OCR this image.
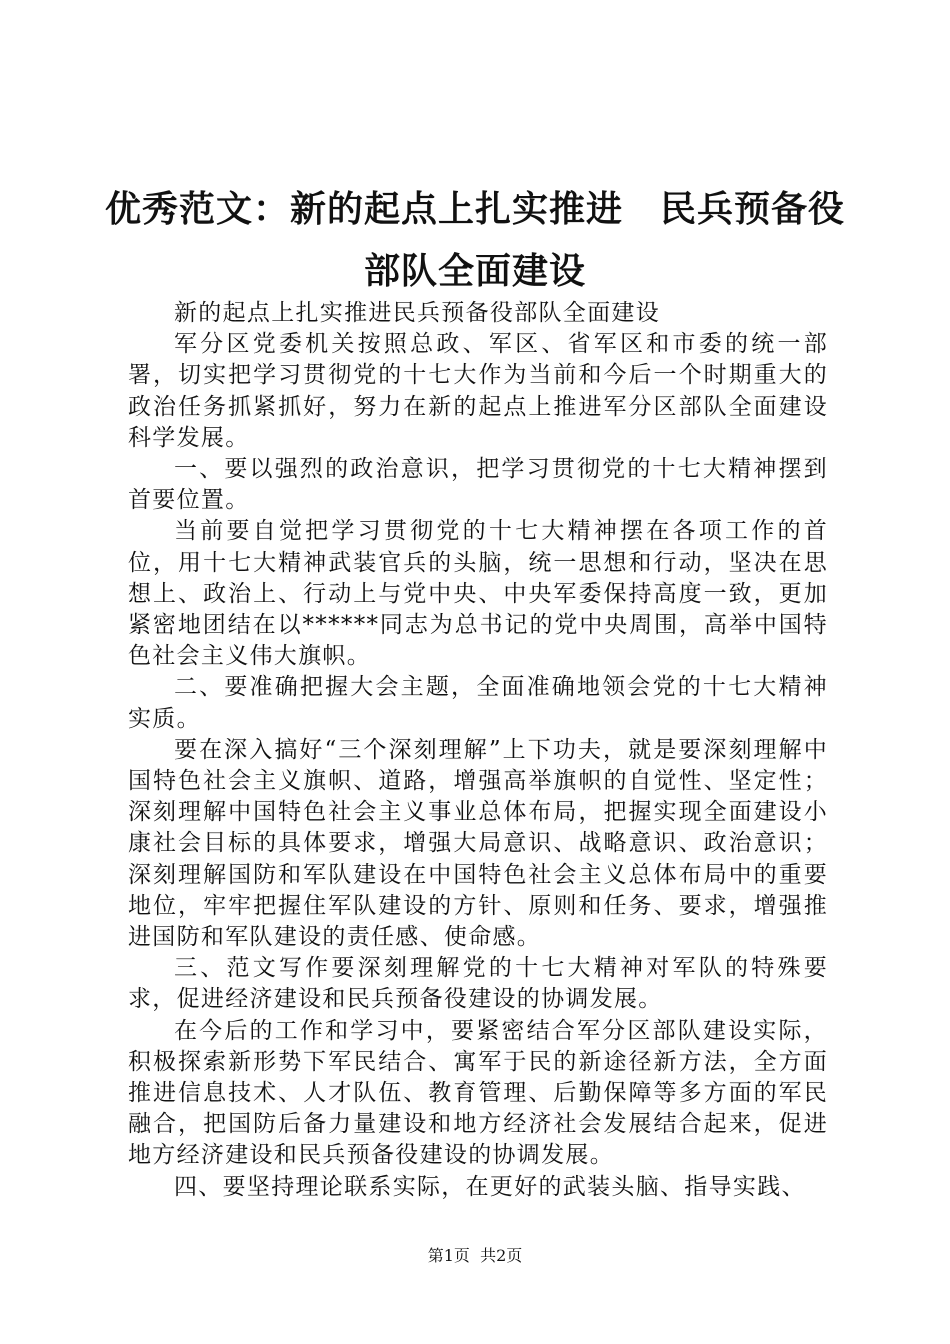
优秀范文：新的起点上扎实推进　民兵预备役
部队全面建设

新的起点上扎实推进民兵预备役部队全面建设

军分区党委机关按照总政、军区、省军区和市委的统一部署，切实把学习贯彻党的十七大作为当前和今后一个时期重大的政治任务抓紧抓好，努力在新的起点上推进军分区部队全面建设科学发展。

一、要以强烈的政治意识，把学习贯彻党的十七大精神摆到首要位置。

当前要自觉把学习贯彻党的十七大精神摆在各项工作的首位，用十七大精神武装官兵的头脑，统一思想和行动，坚决在思想上、政治上、行动上与党中央、中央军委保持高度一致，更加紧密地团结在以******同志为总书记的党中央周围，高举中国特色社会主义伟大旗帜。

二、要准确把握大会主题，全面准确地领会党的十七大精神实质。

要在深入搞好“三个深刻理解”上下功夫，就是要深刻理解中国特色社会主义旗帜、道路，增强高举旗帜的自觉性、坚定性；深刻理解中国特色社会主义事业总体布局，把握实现全面建设小康社会目标的具体要求，增强大局意识、战略意识、政治意识；深刻理解国防和军队建设在中国特色社会主义总体布局中的重要地位，牢牢把握住军队建设的方针、原则和任务、要求，增强推进国防和军队建设的责任感、使命感。

三、范文写作要深刻理解党的十七大精神对军队的特殊要求，促进经济建设和民兵预备役建设的协调发展。

在今后的工作和学习中，要紧密结合军分区部队建设实际，积极探索新形势下军民结合、寓军于民的新途径新方法，全方面推进信息技术、人才队伍、教育管理、后勤保障等多方面的军民融合，把国防后备力量建设和地方经济社会发展结合起来，促进地方经济建设和民兵预备役建设的协调发展。

四、要坚持理论联系实际，在更好的武装头脑、指导实践、

第1页  共2页
